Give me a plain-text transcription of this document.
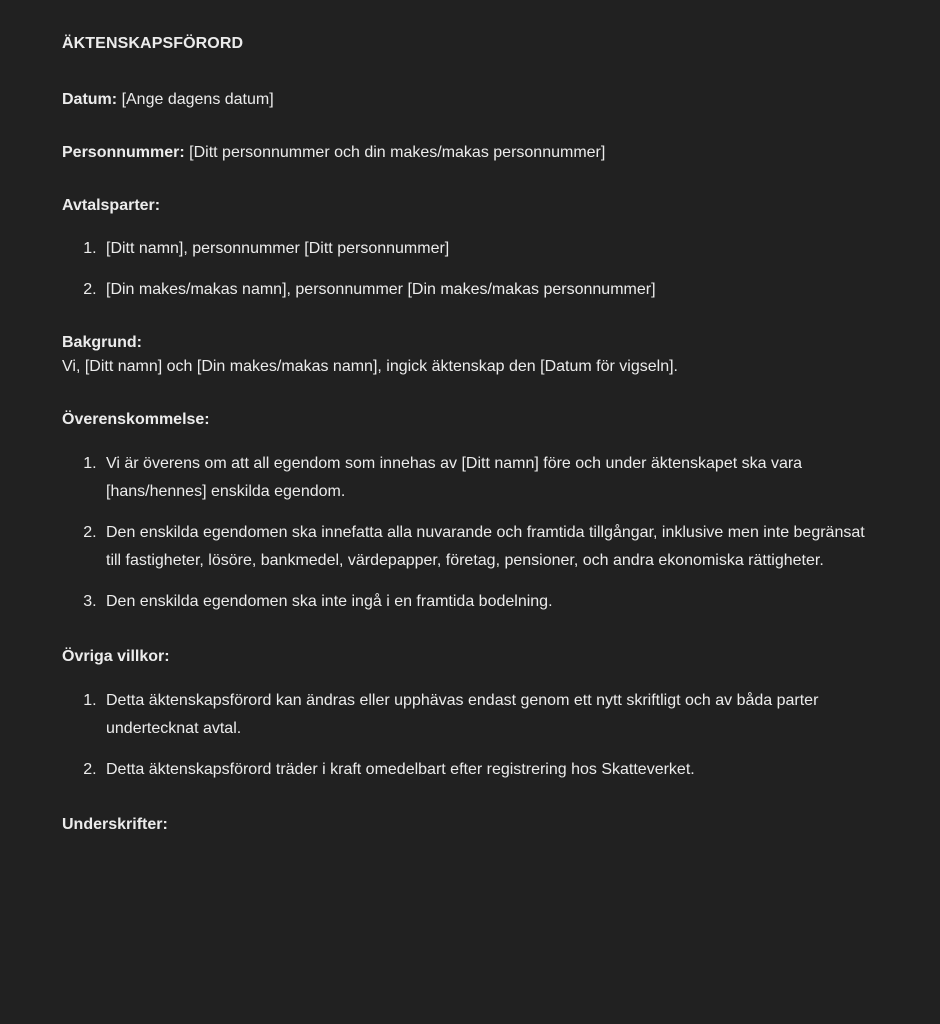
ÄKTENSKAPSFÖRORD

Datum: [Ange dagens datum]

Personnummer: [Ditt personnummer och din makes/makas personnummer]

Avtalsparter:

1. [Ditt namn], personnummer [Ditt personnummer]
2. [Din makes/makas namn], personnummer [Din makes/makas personnummer]

Bakgrund:

Vi, [Ditt namn] och [Din makes/makas namn], ingick äktenskap den [Datum för vigseln].

Överenskommelse:

1. Vi är överens om att all egendom som innehas av [Ditt namn] före och under äktenskapet ska vara [hans/hennes] enskilda egendom.
2. Den enskilda egendomen ska innefatta alla nuvarande och framtida tillgångar, inklusive men inte begränsat till fastigheter, lösöre, bankmedel, värdepapper, företag, pensioner, och andra ekonomiska rättigheter.
3. Den enskilda egendomen ska inte ingå i en framtida bodelning.

Övriga villkor:

1. Detta äktenskapsförord kan ändras eller upphävas endast genom ett nytt skriftligt och av båda parter undertecknat avtal.
2. Detta äktenskapsförord träder i kraft omedelbart efter registrering hos Skatteverket.

Underskrifter:
